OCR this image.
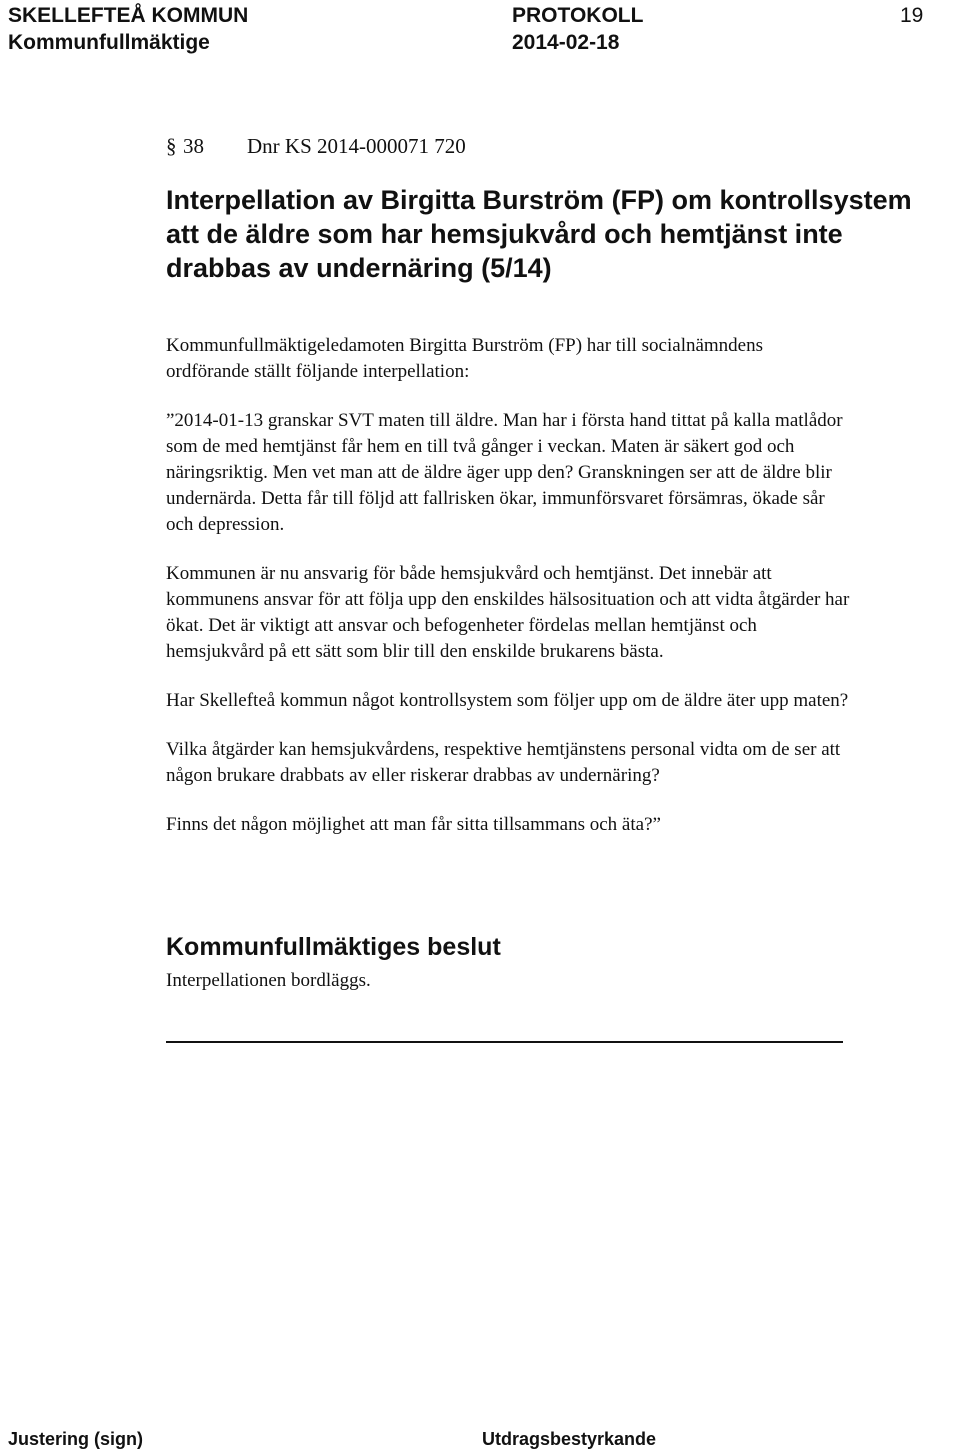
SKELLEFTEÅ KOMMUN	PROTOKOLL	19
Kommunfullmäktige	2014-02-18
§ 38 Dnr KS 2014-000071 720
Interpellation av Birgitta Burström (FP) om kontrollsystem att de äldre som har hemsjukvård och hemtjänst inte drabbas av undernäring (5/14)

Kommunfullmäktigeledamoten Birgitta Burström (FP) har till socialnämndens ordförande ställt följande interpellation:

”2014-01-13 granskar SVT maten till äldre. Man har i första hand tittat på kalla matlådor som de med hemtjänst får hem en till två gånger i veckan. Maten är säkert god och näringsriktig. Men vet man att de äldre äger upp den? Granskningen ser att de äldre blir undernärda. Detta får till följd att fallrisken ökar, immunförsvaret försämras, ökade sår och depression.

Kommunen är nu ansvarig för både hemsjukvård och hemtjänst. Det innebär att kommunens ansvar för att följa upp den enskildes hälsosituation och att vidta åtgärder har ökat. Det är viktigt att ansvar och befogenheter fördelas mellan hemtjänst och hemsjukvård på ett sätt som blir till den enskilde brukarens bästa.

Har Skellefteå kommun något kontrollsystem som följer upp om de äldre äter upp maten?

Vilka åtgärder kan hemsjukvårdens, respektive hemtjänstens personal vidta om de ser att någon brukare drabbats av eller riskerar drabbas av undernäring?

Finns det någon möjlighet att man får sitta tillsammans och äta?”

Kommunfullmäktiges beslut

Interpellationen bordläggs.

Justering (sign)	Utdragsbestyrkande
